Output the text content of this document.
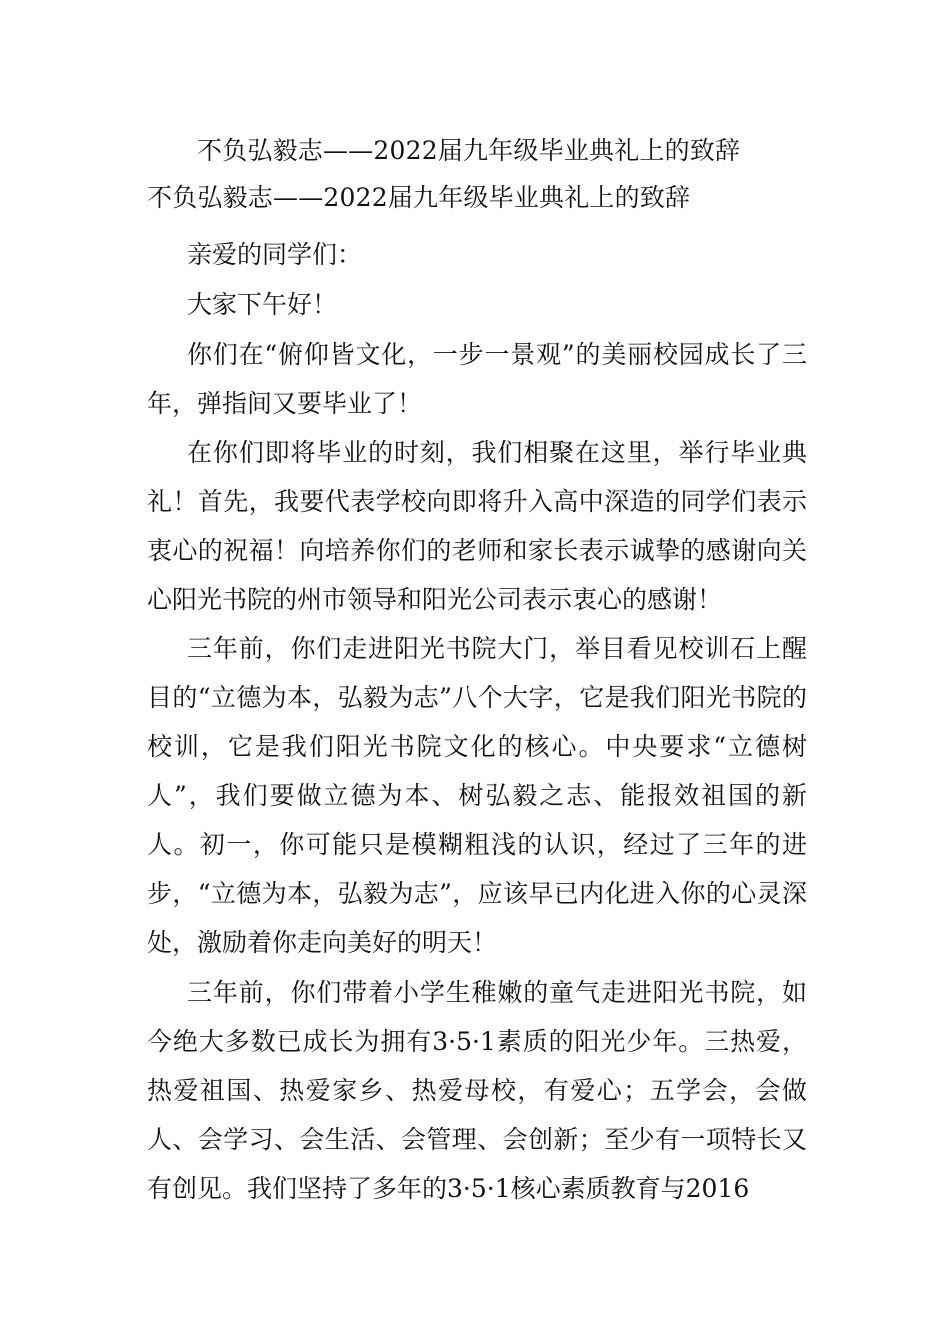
不负弘毅志——2022届九年级毕业典礼上的致辞
不负弘毅志——2022届九年级毕业典礼上的致辞
亲爱的同学们：
大家下午好！
你们在“俯仰皆文化，一步一景观”的美丽校园成长了三年，弹指间又要毕业了！
在你们即将毕业的时刻，我们相聚在这里，举行毕业典礼！首先，我要代表学校向即将升入高中深造的同学们表示衷心的祝福！向培养你们的老师和家长表示诚挚的感谢向关心阳光书院的州市领导和阳光公司表示衷心的感谢！
三年前，你们走进阳光书院大门，举目看见校训石上醒目的“立德为本，弘毅为志”八个大字，它是我们阳光书院的校训，它是我们阳光书院文化的核心。中央要求“立德树人”，我们要做立德为本、树弘毅之志、能报效祖国的新人。初一，你可能只是模糊粗浅的认识，经过了三年的进步，“立德为本，弘毅为志”，应该早已内化进入你的心灵深处，激励着你走向美好的明天！
三年前，你们带着小学生稚嫩的童气走进阳光书院，如今绝大多数已成长为拥有3·5·1素质的阳光少年。三热爱，热爱祖国、热爱家乡、热爱母校，有爱心；五学会，会做人、会学习、会生活、会管理、会创新；至少有一项特长又有创见。我们坚持了多年的3·5·1核心素质教育与2016
